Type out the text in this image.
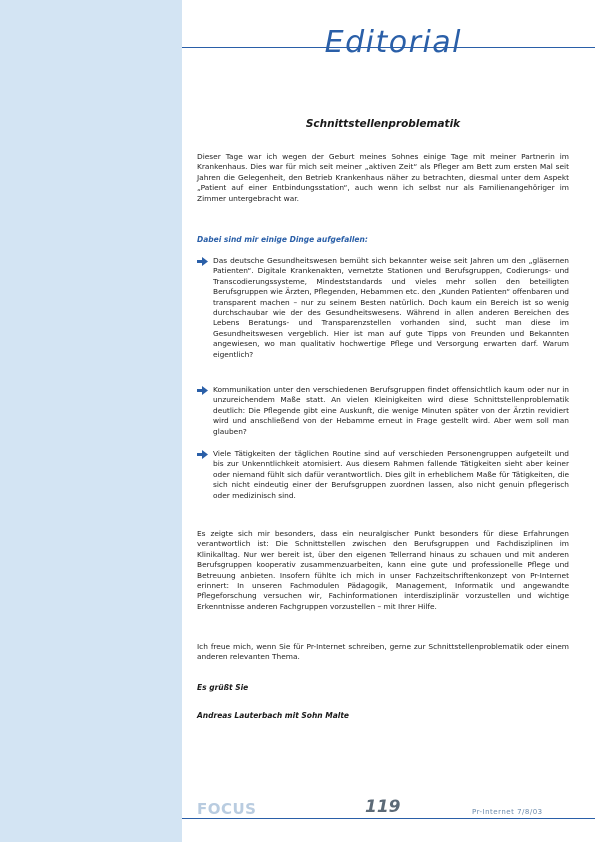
Editorial
Schnittstellenproblematik

Dieser Tage war ich wegen der Geburt meines Sohnes einige Tage mit meiner Partnerin im Krankenhaus. Dies war für mich seit meiner „aktiven Zeit“ als Pfleger am Bett zum ersten Mal seit Jahren die Gelegenheit, den Betrieb Krankenhaus näher zu betrachten, diesmal unter dem Aspekt „Patient auf einer Entbindungsstation“, auch wenn ich selbst nur als Familienangehöriger im Zimmer untergebracht war.

Dabei sind mir einige Dinge aufgefallen:

Das deutsche Gesundheitswesen bemüht sich bekannter weise seit Jahren um den „gläsernen Patienten“. Digitale Krankenakten, vernetzte Stationen und Berufsgruppen, Codierungs- und Transcodierungssysteme, Mindeststandards und vieles mehr sollen den beteiligten Berufsgruppen wie Ärzten, Pflegenden, Hebammen etc. den „Kunden Patienten“ offenbaren und transparent machen – nur zu seinem Besten natürlich. Doch kaum ein Bereich ist so wenig durchschaubar wie der des Gesundheitswesens. Während in allen anderen Bereichen des Lebens Beratungs- und Transparenzstellen vorhanden sind, sucht man diese im Gesundheitswesen vergeblich. Hier ist man auf gute Tipps von Freunden und Bekannten angewiesen, wo man qualitativ hochwertige Pflege und Versorgung erwarten darf. Warum eigentlich?

Kommunikation unter den verschiedenen Berufsgruppen findet offensichtlich kaum oder nur in unzureichendem Maße statt. An vielen Kleinigkeiten wird diese Schnittstellenproblematik deutlich: Die Pflegende gibt eine Auskunft, die wenige Minuten später von der Ärztin revidiert wird und anschließend von der Hebamme erneut in Frage gestellt wird. Aber wem soll man glauben?

Viele Tätigkeiten der täglichen Routine sind auf verschieden Personengruppen aufgeteilt und bis zur Unkenntlichkeit atomisiert. Aus diesem Rahmen fallende Tätigkeiten sieht aber keiner oder niemand fühlt sich dafür verantwortlich. Dies gilt in erheblichem Maße für Tätigkeiten, die sich nicht eindeutig einer der Berufsgruppen zuordnen lassen, also nicht genuin pflegerisch oder medizinisch sind.

Es zeigte sich mir besonders, dass ein neuralgischer Punkt besonders für diese Erfahrungen verantwortlich ist: Die Schnittstellen zwischen den Berufsgruppen und Fachdisziplinen im Klinikalltag. Nur wer bereit ist, über den eigenen Tellerrand hinaus zu schauen und mit anderen Berufsgruppen kooperativ zusammenzuarbeiten, kann eine gute und professionelle Pflege und Betreuung anbieten. Insofern fühlte ich mich in unser Fachzeitschriftenkonzept von Pr-Internet erinnert: In unseren Fachmodulen Pädagogik, Management, Informatik und angewandte Pflegeforschung versuchen wir, Fachinformationen interdisziplinär vorzustellen und wichtige Erkenntnisse anderen Fachgruppen vorzustellen – mit Ihrer Hilfe.

Ich freue mich, wenn Sie für Pr-Internet schreiben, gerne zur Schnittstellenproblematik oder einem anderen relevanten Thema.

Es grüßt Sie
Andreas Lauterbach mit Sohn Malte
FOCUS	119	Pr-Internet 7/8/03
